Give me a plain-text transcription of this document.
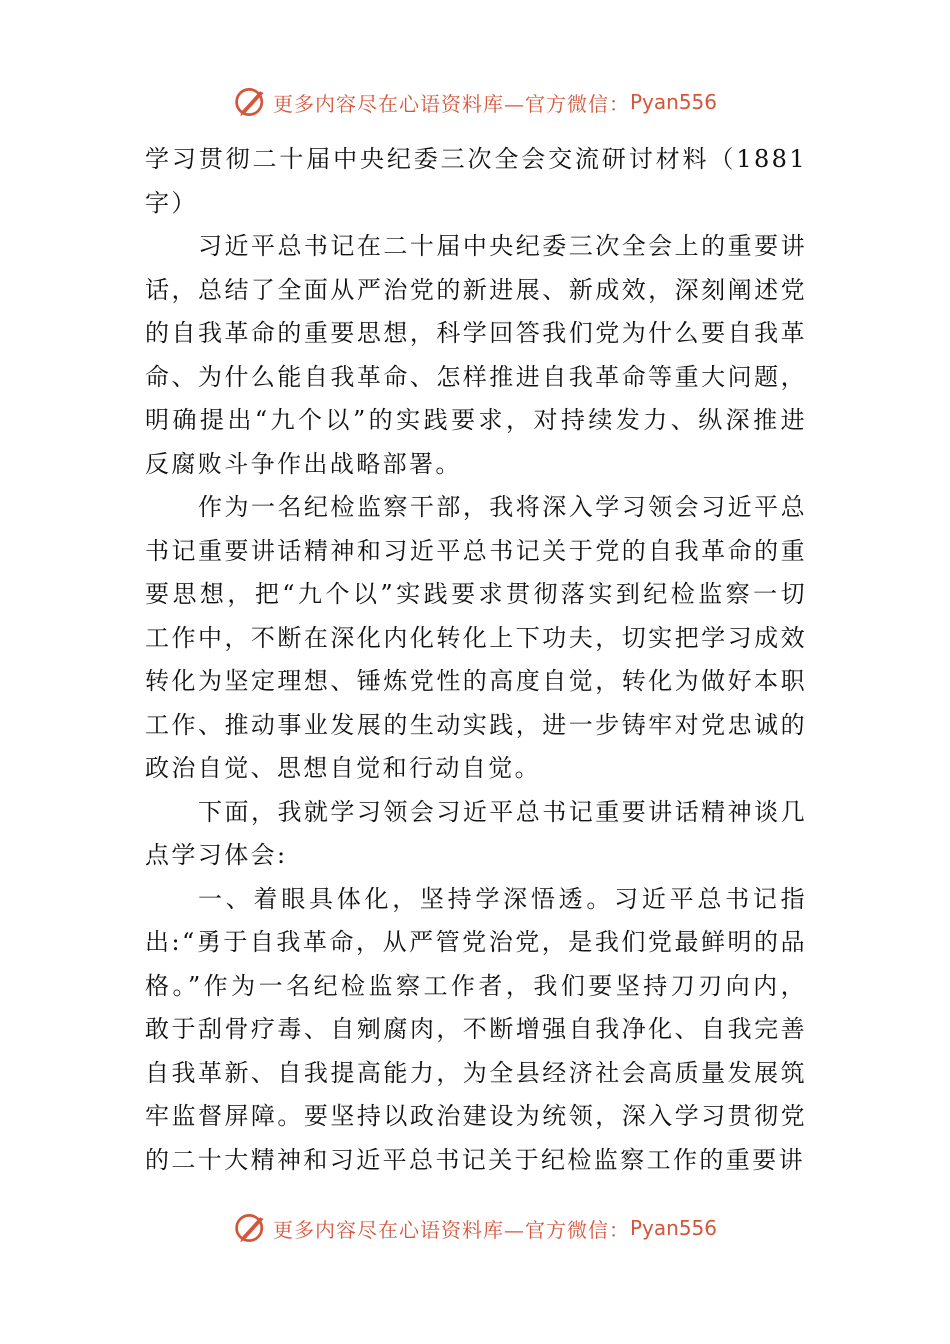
更多内容尽在心语资料库—官方微信： Pyan556

学习贯彻二十届中央纪委三次全会交流研讨材料（1881字）

习近平总书记在二十届中央纪委三次全会上的重要讲话，总结了全面从严治党的新进展、新成效，深刻阐述党的自我革命的重要思想，科学回答我们党为什么要自我革命、为什么能自我革命、怎样推进自我革命等重大问题，明确提出“九个以”的实践要求，对持续发力、纵深推进反腐败斗争作出战略部署。

作为一名纪检监察干部，我将深入学习领会习近平总书记重要讲话精神和习近平总书记关于党的自我革命的重要思想，把“九个以”实践要求贯彻落实到纪检监察一切工作中，不断在深化内化转化上下功夫，切实把学习成效转化为坚定理想、锤炼党性的高度自觉，转化为做好本职工作、推动事业发展的生动实践，进一步铸牢对党忠诚的政治自觉、思想自觉和行动自觉。

下面，我就学习领会习近平总书记重要讲话精神谈几点学习体会:

一、着眼具体化，坚持学深悟透。习近平总书记指出:“勇于自我革命，从严管党治党，是我们党最鲜明的品格。”作为一名纪检监察工作者，我们要坚持刀刃向内，敢于刮骨疗毒、自剜腐肉，不断增强自我净化、自我完善自我革新、自我提高能力，为全县经济社会高质量发展筑牢监督屏障。要坚持以政治建设为统领，深入学习贯彻党的二十大精神和习近平总书记关于纪检监察工作的重要讲

更多内容尽在心语资料库—官方微信： Pyan556
